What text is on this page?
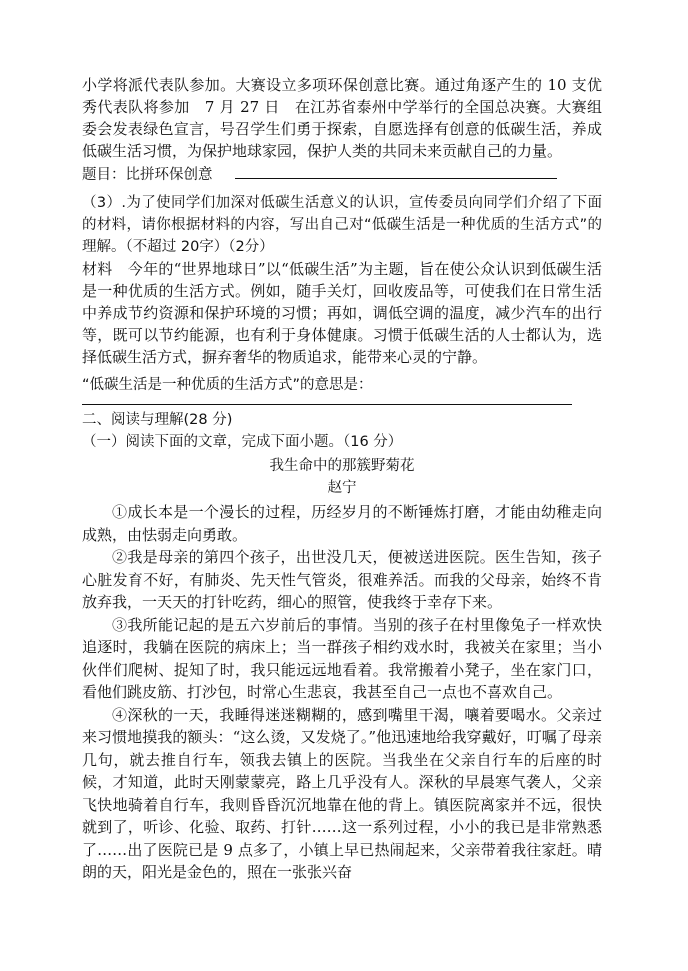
小学将派代表队参加。大赛设立多项环保创意比赛。通过角逐产生的 10 支优秀代表队将参加　7 月 27 日　在江苏省泰州中学举行的全国总决赛。大赛组委会发表绿色宣言，号召学生们勇于探索，自愿选择有创意的低碳生活，养成低碳生活习惯，为保护地球家园，保护人类的共同未来贡献自己的力量。

题目：比拼环保创意

（3）.为了使同学们加深对低碳生活意义的认识，宣传委员向同学们介绍了下面的材料，请你根据材料的内容，写出自己对“低碳生活是一种优质的生活方式”的理解。（不超过 20字）（2分）

材料　今年的“世界地球日”以“低碳生活”为主题，旨在使公众认识到低碳生活是一种优质的生活方式。例如，随手关灯，回收废品等，可使我们在日常生活中养成节约资源和保护环境的习惯；再如，调低空调的温度，减少汽车的出行等，既可以节约能源，也有利于身体健康。习惯于低碳生活的人士都认为，选择低碳生活方式，摒弃奢华的物质追求，能带来心灵的宁静。

“低碳生活是一种优质的生活方式”的意思是：

二、阅读与理解(28 分)

（一）阅读下面的文章，完成下面小题。（16 分）

我生命中的那簇野菊花

赵宁

①成长本是一个漫长的过程，历经岁月的不断锤炼打磨，才能由幼稚走向成熟，由怯弱走向勇敢。

②我是母亲的第四个孩子，出世没几天，便被送进医院。医生告知，孩子心脏发育不好，有肺炎、先天性气管炎，很难养活。而我的父母亲，始终不肯放弃我，一天天的打针吃药，细心的照管，使我终于幸存下来。

③我所能记起的是五六岁前后的事情。当别的孩子在村里像兔子一样欢快追逐时，我躺在医院的病床上；当一群孩子相约戏水时，我被关在家里；当小伙伴们爬树、捉知了时，我只能远远地看着。我常搬着小凳子，坐在家门口，看他们跳皮筋、打沙包，时常心生悲哀，我甚至自己一点也不喜欢自己。

④深秋的一天，我睡得迷迷糊糊的，感到嘴里干渴，嚷着要喝水。父亲过来习惯地摸我的额头：“这么烫，又发烧了。”他迅速地给我穿戴好，叮嘱了母亲几句，就去推自行车，领我去镇上的医院。当我坐在父亲自行车的后座的时候，才知道，此时天刚蒙蒙亮，路上几乎没有人。深秋的早晨寒气袭人，父亲飞快地骑着自行车，我则昏昏沉沉地靠在他的背上。镇医院离家并不远，很快就到了，听诊、化验、取药、打针……这一系列过程，小小的我已是非常熟悉了……出了医院已是 9 点多了，小镇上早已热闹起来，父亲带着我往家赶。晴朗的天，阳光是金色的，照在一张张兴奋
